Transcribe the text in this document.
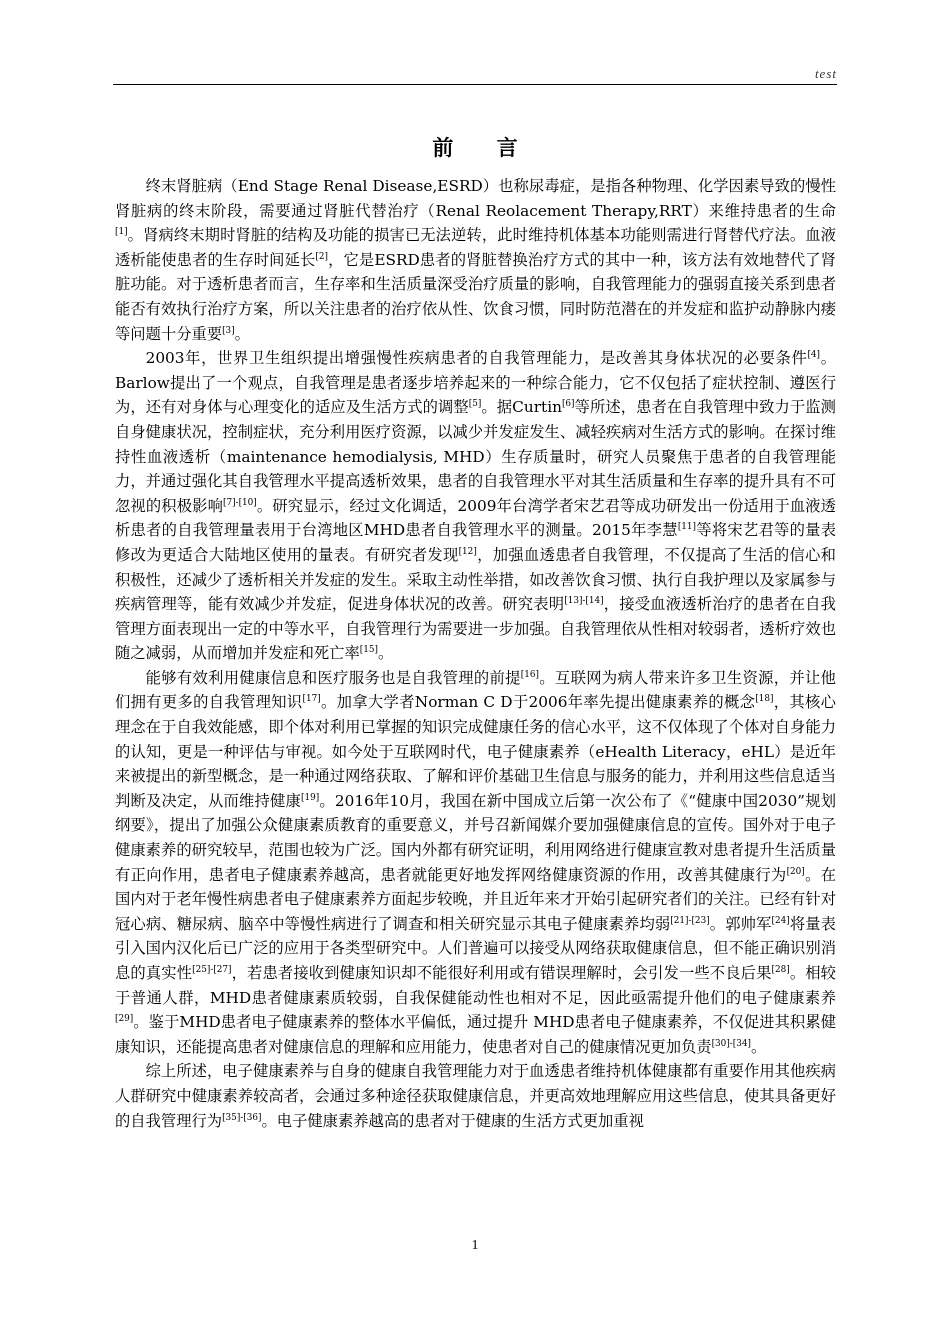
test
前 言

终末肾脏病（End Stage Renal Disease,ESRD）也称尿毒症，是指各种物理、化学因素导致的慢性肾脏病的终末阶段，需要通过肾脏代替治疗（Renal Reolacement Therapy,RRT）来维持患者的生命[1]。肾病终末期时肾脏的结构及功能的损害已无法逆转，此时维持机体基本功能则需进行肾替代疗法。血液透析能使患者的生存时间延长[2]，它是ESRD患者的肾脏替换治疗方式的其中一种，该方法有效地替代了肾脏功能。对于透析患者而言，生存率和生活质量深受治疗质量的影响，自我管理能力的强弱直接关系到患者能否有效执行治疗方案，所以关注患者的治疗依从性、饮食习惯，同时防范潜在的并发症和监护动静脉内瘘等问题十分重要[3]。

2003年，世界卫生组织提出增强慢性疾病患者的自我管理能力，是改善其身体状况的必要条件[4]。Barlow提出了一个观点，自我管理是患者逐步培养起来的一种综合能力，它不仅包括了症状控制、遵医行为，还有对身体与心理变化的适应及生活方式的调整[5]。据Curtin[6]等所述，患者在自我管理中致力于监测自身健康状况，控制症状，充分利用医疗资源，以减少并发症发生、减轻疾病对生活方式的影响。在探讨维持性血液透析（maintenance hemodialysis, MHD）生存质量时，研究人员聚焦于患者的自我管理能力，并通过强化其自我管理水平提高透析效果，患者的自我管理水平对其生活质量和生存率的提升具有不可忽视的积极影响[7]-[10]。研究显示，经过文化调适，2009年台湾学者宋艺君等成功研发出一份适用于血液透析患者的自我管理量表用于台湾地区MHD患者自我管理水平的测量。2015年李慧[11]等将宋艺君等的量表修改为更适合大陆地区使用的量表。有研究者发现[12]，加强血透患者自我管理，不仅提高了生活的信心和积极性，还减少了透析相关并发症的发生。采取主动性举措，如改善饮食习惯、执行自我护理以及家属参与疾病管理等，能有效减少并发症，促进身体状况的改善。研究表明[13]-[14]，接受血液透析治疗的患者在自我管理方面表现出一定的中等水平，自我管理行为需要进一步加强。自我管理依从性相对较弱者，透析疗效也随之减弱，从而增加并发症和死亡率[15]。

能够有效利用健康信息和医疗服务也是自我管理的前提[16]。互联网为病人带来许多卫生资源，并让他们拥有更多的自我管理知识[17]。加拿大学者Norman C D于2006年率先提出健康素养的概念[18]，其核心理念在于自我效能感，即个体对利用已掌握的知识完成健康任务的信心水平，这不仅体现了个体对自身能力的认知，更是一种评估与审视。如今处于互联网时代，电子健康素养（eHealth Literacy，eHL）是近年来被提出的新型概念，是一种通过网络获取、了解和评价基础卫生信息与服务的能力，并利用这些信息适当判断及决定，从而维持健康[19]。2016年10月，我国在新中国成立后第一次公布了《“健康中国2030”规划纲要》，提出了加强公众健康素质教育的重要意义，并号召新闻媒介要加强健康信息的宣传。国外对于电子健康素养的研究较早，范围也较为广泛。国内外都有研究证明，利用网络进行健康宣教对患者提升生活质量有正向作用，患者电子健康素养越高，患者就能更好地发挥网络健康资源的作用，改善其健康行为[20]。在国内对于老年慢性病患者电子健康素养方面起步较晚，并且近年来才开始引起研究者们的关注。已经有针对冠心病、糖尿病、脑卒中等慢性病进行了调查和相关研究显示其电子健康素养均弱[21]-[23]。郭帅军[24]将量表引入国内汉化后已广泛的应用于各类型研究中。人们普遍可以接受从网络获取健康信息，但不能正确识别消息的真实性[25]-[27]，若患者接收到健康知识却不能很好利用或有错误理解时，会引发一些不良后果[28]。相较于普通人群，MHD患者健康素质较弱，自我保健能动性也相对不足，因此亟需提升他们的电子健康素养[29]。鉴于MHD患者电子健康素养的整体水平偏低，通过提升 MHD患者电子健康素养，不仅促进其积累健康知识，还能提高患者对健康信息的理解和应用能力，使患者对自己的健康情况更加负责[30]-[34]。

综上所述，电子健康素养与自身的健康自我管理能力对于血透患者维持机体健康都有重要作用其他疾病人群研究中健康素养较高者，会通过多种途径获取健康信息，并更高效地理解应用这些信息，使其具备更好的自我管理行为[35]-[36]。电子健康素养越高的患者对于健康的生活方式更加重视

1
